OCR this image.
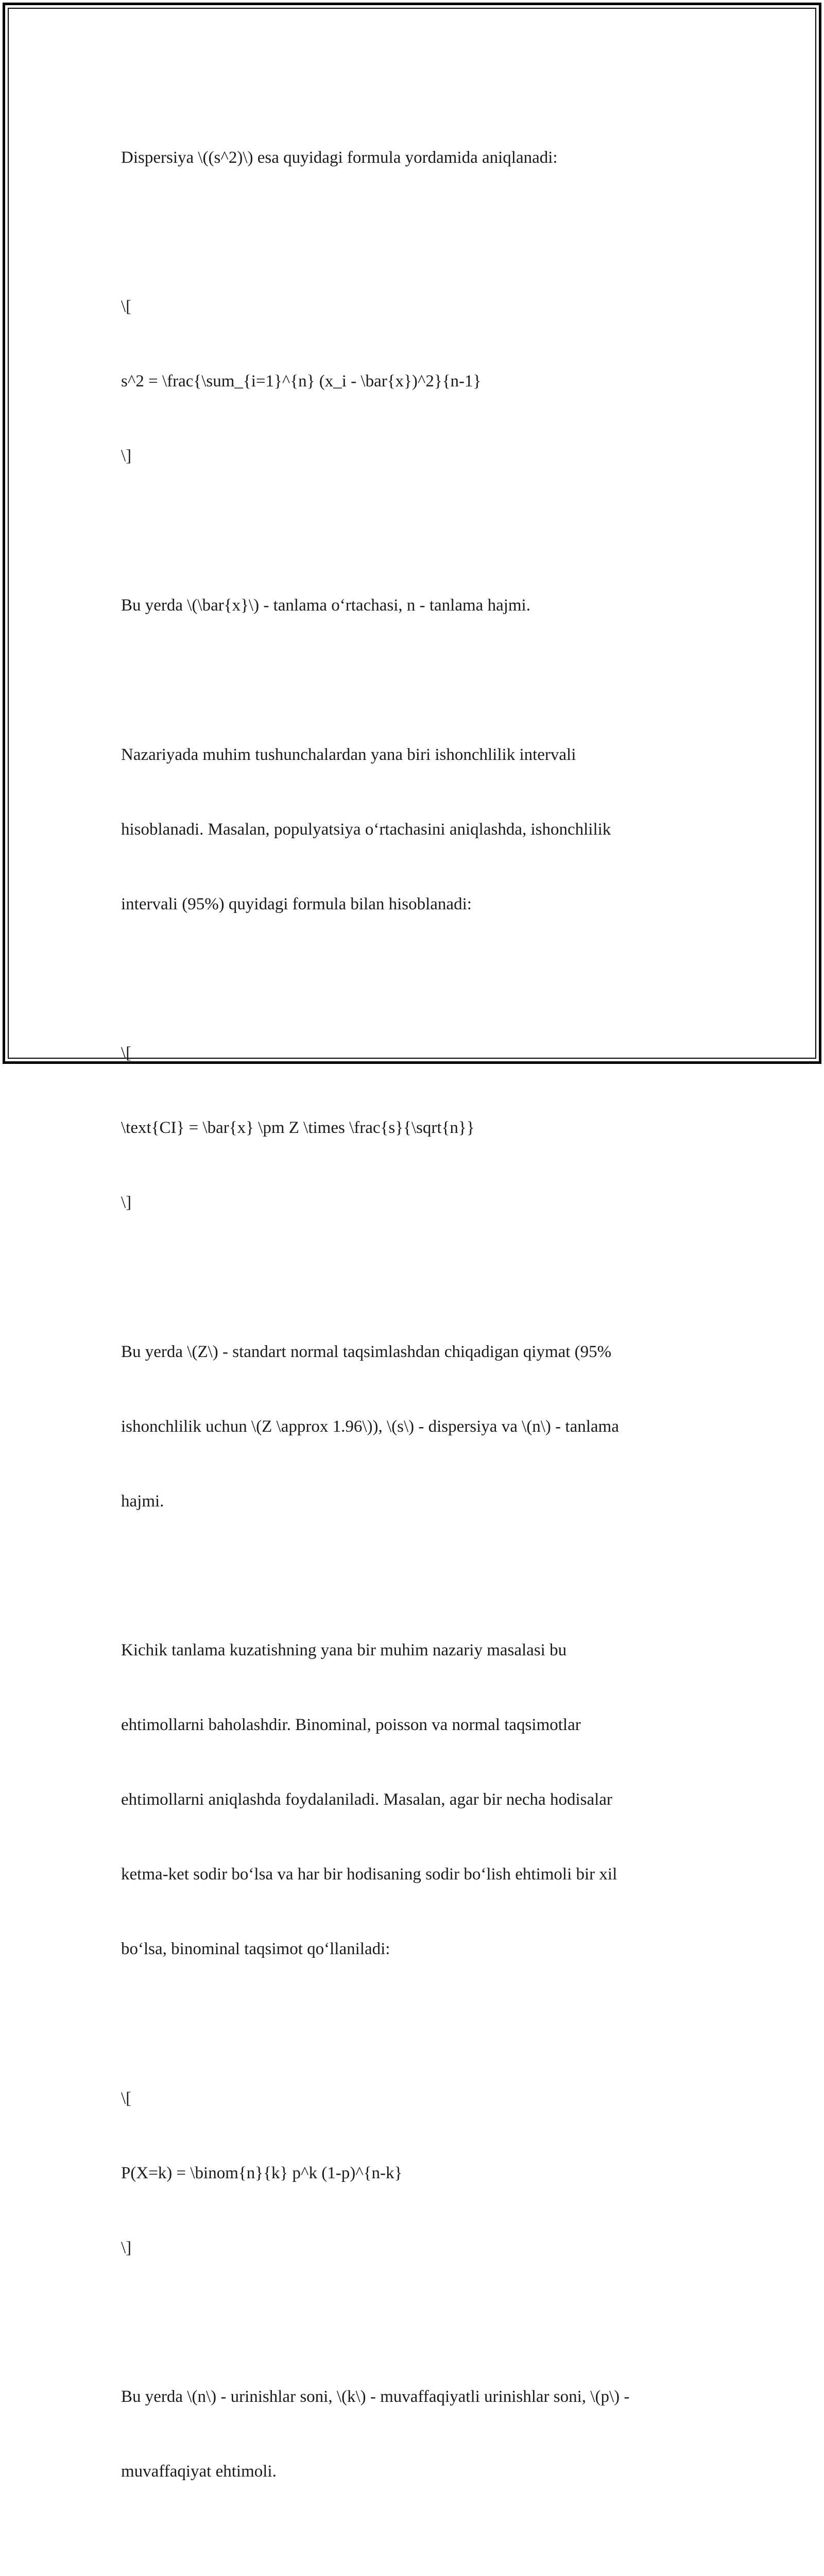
Dispersiya \((s^2)\) esa quyidagi formula yordamida aniqlanadi:

\[

s^2 = \frac{\sum_{i=1}^{n} (x_i - \bar{x})^2}{n-1}

\]

Bu yerda \(\bar{x}\) - tanlama o‘rtachasi, n - tanlama hajmi.

Nazariyada muhim tushunchalardan yana biri ishonchlilik intervali

hisoblanadi. Masalan, populyatsiya o‘rtachasini aniqlashda, ishonchlilik

intervali (95%) quyidagi formula bilan hisoblanadi:

\[

\text{CI} = \bar{x} \pm Z \times \frac{s}{\sqrt{n}}

\]

Bu yerda \(Z\) - standart normal taqsimlashdan chiqadigan qiymat (95%

ishonchlilik uchun \(Z \approx 1.96\)), \(s\) - dispersiya va \(n\) - tanlama

hajmi.

Kichik tanlama kuzatishning yana bir muhim nazariy masalasi bu

ehtimollarni baholashdir. Binominal, poisson va normal taqsimotlar

ehtimollarni aniqlashda foydalaniladi. Masalan, agar bir necha hodisalar

ketma-ket sodir bo‘lsa va har bir hodisaning sodir bo‘lish ehtimoli bir xil

bo‘lsa, binominal taqsimot qo‘llaniladi:

\[

P(X=k) = \binom{n}{k} p^k (1-p)^{n-k}

\]

Bu yerda \(n\) - urinishlar soni, \(k\) - muvaffaqiyatli urinishlar soni, \(p\) -

muvaffaqiyat ehtimoli.
